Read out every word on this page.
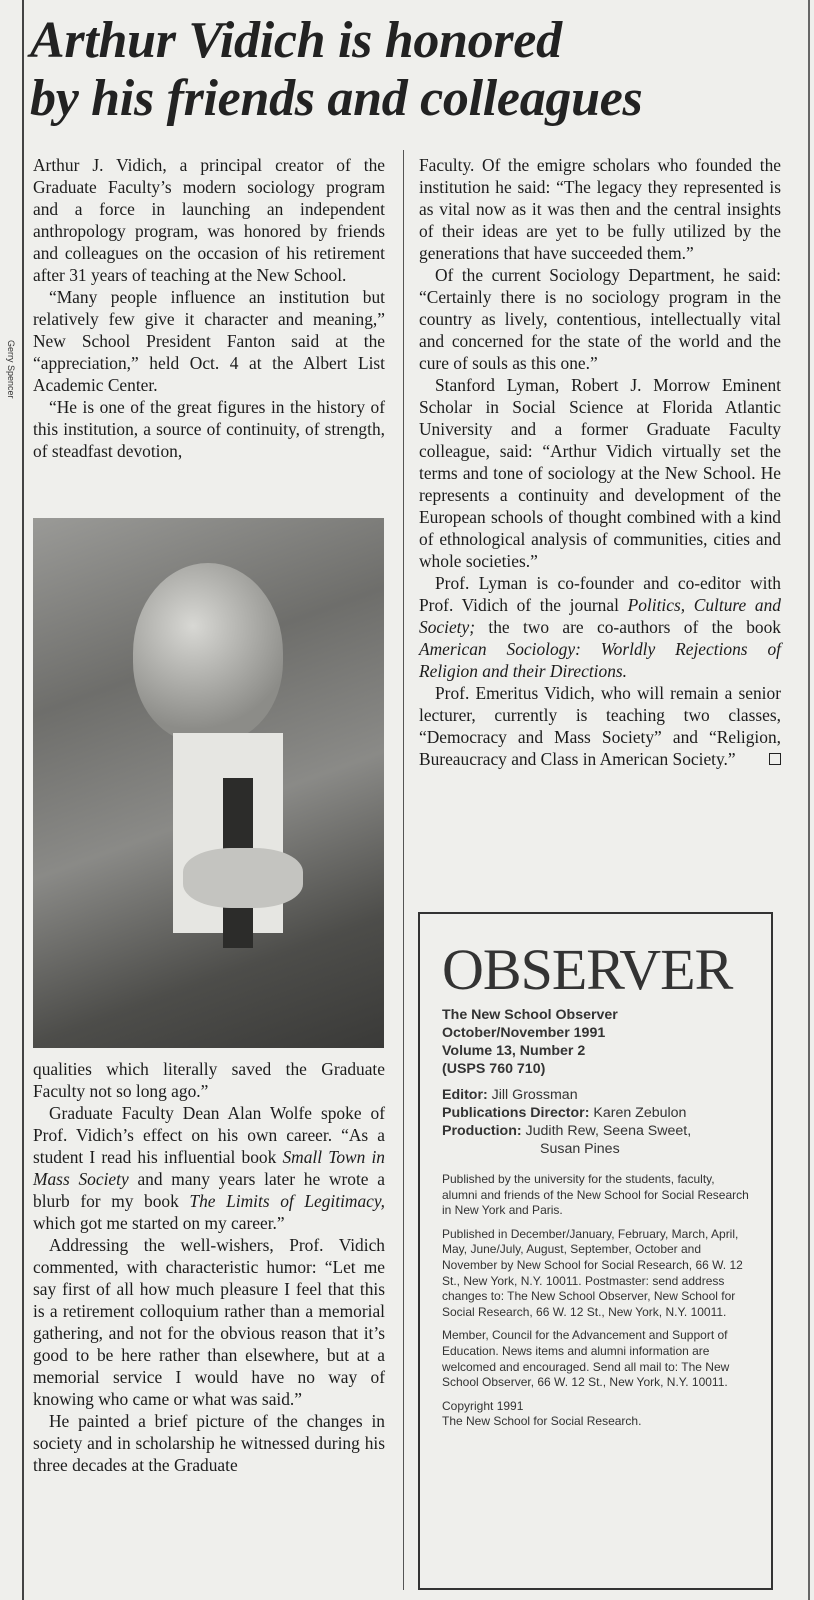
Arthur Vidich is honored
by his friends and colleagues
Gerry Spencer

Arthur J. Vidich, a principal creator of the Graduate Faculty’s modern sociology program and a force in launching an independent anthropology program, was honored by friends and colleagues on the occasion of his retirement after 31 years of teaching at the New School.

“Many people influence an institution but relatively few give it character and meaning,” New School President Fanton said at the “appreciation,” held Oct. 4 at the Albert List Academic Center.

“He is one of the great figures in the history of this institution, a source of continuity, of strength, of steadfast devotion,

qualities which literally saved the Graduate Faculty not so long ago.”

Graduate Faculty Dean Alan Wolfe spoke of Prof. Vidich’s effect on his own career. “As a student I read his influential book Small Town in Mass Society and many years later he wrote a blurb for my book The Limits of Legitimacy, which got me started on my career.”

Addressing the well-wishers, Prof. Vidich commented, with characteristic humor: “Let me say first of all how much pleasure I feel that this is a retirement colloquium rather than a memorial gathering, and not for the obvious reason that it’s good to be here rather than elsewhere, but at a memorial service I would have no way of knowing who came or what was said.”

He painted a brief picture of the changes in society and in scholarship he witnessed during his three decades at the Graduate

Faculty. Of the emigre scholars who founded the institution he said: “The legacy they represented is as vital now as it was then and the central insights of their ideas are yet to be fully utilized by the generations that have succeeded them.”

Of the current Sociology Department, he said: “Certainly there is no sociology program in the country as lively, contentious, intellectually vital and concerned for the state of the world and the cure of souls as this one.”

Stanford Lyman, Robert J. Morrow Eminent Scholar in Social Science at Florida Atlantic University and a former Graduate Faculty colleague, said: “Arthur Vidich virtually set the terms and tone of sociology at the New School. He represents a continuity and development of the European schools of thought combined with a kind of ethnological analysis of communities, cities and whole societies.”

Prof. Lyman is co-founder and co-editor with Prof. Vidich of the journal Politics, Culture and Society; the two are co-authors of the book American Sociology: Worldly Rejections of Religion and their Directions.

Prof. Emeritus Vidich, who will remain a senior lecturer, currently is teaching two classes, “Democracy and Mass Society” and “Religion, Bureaucracy and Class in American Society.”

OBSERVER
The New School Observer
October/November 1991
Volume 13, Number 2
(USPS 760 710)
Editor: Jill Grossman
Publications Director: Karen Zebulon
Production: Judith Rew, Seena Sweet,
Susan Pines

Published by the university for the students, faculty, alumni and friends of the New School for Social Research in New York and Paris.

Published in December/January, February, March, April, May, June/July, August, September, October and November by New School for Social Research, 66 W. 12 St., New York, N.Y. 10011. Postmaster: send address changes to: The New School Observer, New School for Social Research, 66 W. 12 St., New York, N.Y. 10011.

Member, Council for the Advancement and Support of Education. News items and alumni information are welcomed and encouraged. Send all mail to: The New School Observer, 66 W. 12 St., New York, N.Y. 10011.

Copyright 1991
The New School for Social Research.
